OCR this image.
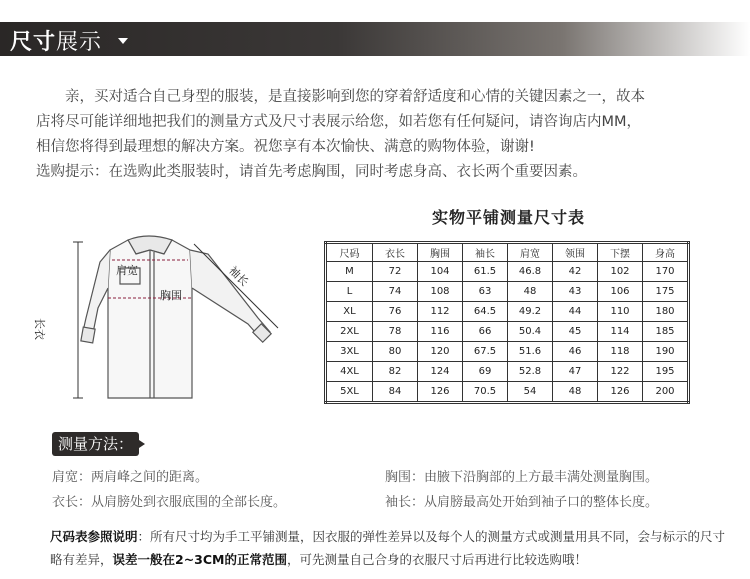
尺寸展示

亲，买对适合自己身型的服装，是直接影响到您的穿着舒适度和心情的关键因素之一，故本

店将尽可能详细地把我们的测量方式及尺寸表展示给您，如若您有任何疑问，请咨询店内MM，

相信您将得到最理想的解决方案。祝您享有本次愉快、满意的购物体验，谢谢!

选购提示：在选购此类服装时，请首先考虑胸围，同时考虑身高、衣长两个重要因素。
肩宽
胸围
袖长
长衣
实物平铺测量尺寸表
尺码	衣长	胸围	袖长	肩宽	领围	下摆	身高
M	72	104	61.5	46.8	42	102	170
L	74	108	63	48	43	106	175
XL	76	112	64.5	49.2	44	110	180
2XL	78	116	66	50.4	45	114	185
3XL	80	120	67.5	51.6	46	118	190
4XL	82	124	69	52.8	47	122	195
5XL	84	126	70.5	54	48	126	200
测量方法：
肩宽：两肩峰之间的距离。	胸围：由腋下沿胸部的上方最丰满处测量胸围。
衣长：从肩膀处到衣服底围的全部长度。	袖长：从肩膀最高处开始到袖子口的整体长度。
尺码表参照说明：所有尺寸均为手工平铺测量，因衣服的弹性差异以及每个人的测量方式或测量用具不同，会与标示的尺寸略有差异，误差一般在2~3CM的正常范围，可先测量自己合身的衣服尺寸后再进行比较选购哦！
